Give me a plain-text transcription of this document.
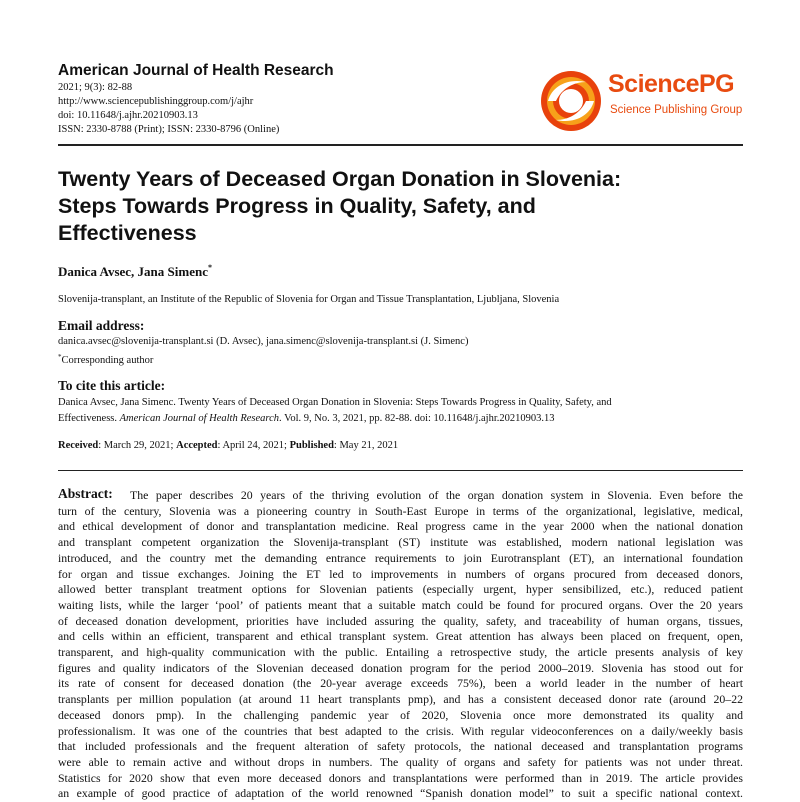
American Journal of Health Research
2021; 9(3): 82-88
http://www.sciencepublishinggroup.com/j/ajhr
doi: 10.11648/j.ajhr.20210903.13
ISSN: 2330-8788 (Print); ISSN: 2330-8796 (Online)
SciencePG
Science Publishing Group
Twenty Years of Deceased Organ Donation in Slovenia:
Steps Towards Progress in Quality, Safety, and
Effectiveness
Danica Avsec, Jana Simenc*
Slovenija-transplant, an Institute of the Republic of Slovenia for Organ and Tissue Transplantation, Ljubljana, Slovenia
Email address:
danica.avsec@slovenija-transplant.si (D. Avsec), jana.simenc@slovenija-transplant.si (J. Simenc)
*Corresponding author
To cite this article:
Danica Avsec, Jana Simenc. Twenty Years of Deceased Organ Donation in Slovenia: Steps Towards Progress in Quality, Safety, and
Effectiveness. American Journal of Health Research. Vol. 9, No. 3, 2021, pp. 82-88. doi: 10.11648/j.ajhr.20210903.13
Received: March 29, 2021; Accepted: April 24, 2021; Published: May 21, 2021
Abstract: The paper describes 20 years of the thriving evolution of the organ donation system in Slovenia. Even before the
turn of the century, Slovenia was a pioneering country in South-East Europe in terms of the organizational, legislative, medical,
and ethical development of donor and transplantation medicine. Real progress came in the year 2000 when the national donation
and transplant competent organization the Slovenija-transplant (ST) institute was established, modern national legislation was
introduced, and the country met the demanding entrance requirements to join Eurotransplant (ET), an international foundation
for organ and tissue exchanges. Joining the ET led to improvements in numbers of organs procured from deceased donors,
allowed better transplant treatment options for Slovenian patients (especially urgent, hyper sensibilized, etc.), reduced patient
waiting lists, while the larger ‘pool’ of patients meant that a suitable match could be found for procured organs. Over the 20 years
of deceased donation development, priorities have included assuring the quality, safety, and traceability of human organs, tissues,
and cells within an efficient, transparent and ethical transplant system. Great attention has always been placed on frequent, open,
transparent, and high-quality communication with the public. Entailing a retrospective study, the article presents analysis of key
figures and quality indicators of the Slovenian deceased donation program for the period 2000–2019. Slovenia has stood out for
its rate of consent for deceased donation (the 20-year average exceeds 75%), been a world leader in the number of heart
transplants per million population (at around 11 heart transplants pmp), and has a consistent deceased donor rate (around 20–22
deceased donors pmp). In the challenging pandemic year of 2020, Slovenia once more demonstrated its quality and
professionalism. It was one of the countries that best adapted to the crisis. With regular videoconferences on a daily/weekly basis
that included professionals and the frequent alteration of safety protocols, the national deceased and transplantation programs
were able to remain active and without drops in numbers. The quality of organs and safety for patients was not under threat.
Statistics for 2020 show that even more deceased donors and transplantations were performed than in 2019. The article provides
an example of good practice of adaptation of the world renowned “Spanish donation model” to suit a specific national context.
